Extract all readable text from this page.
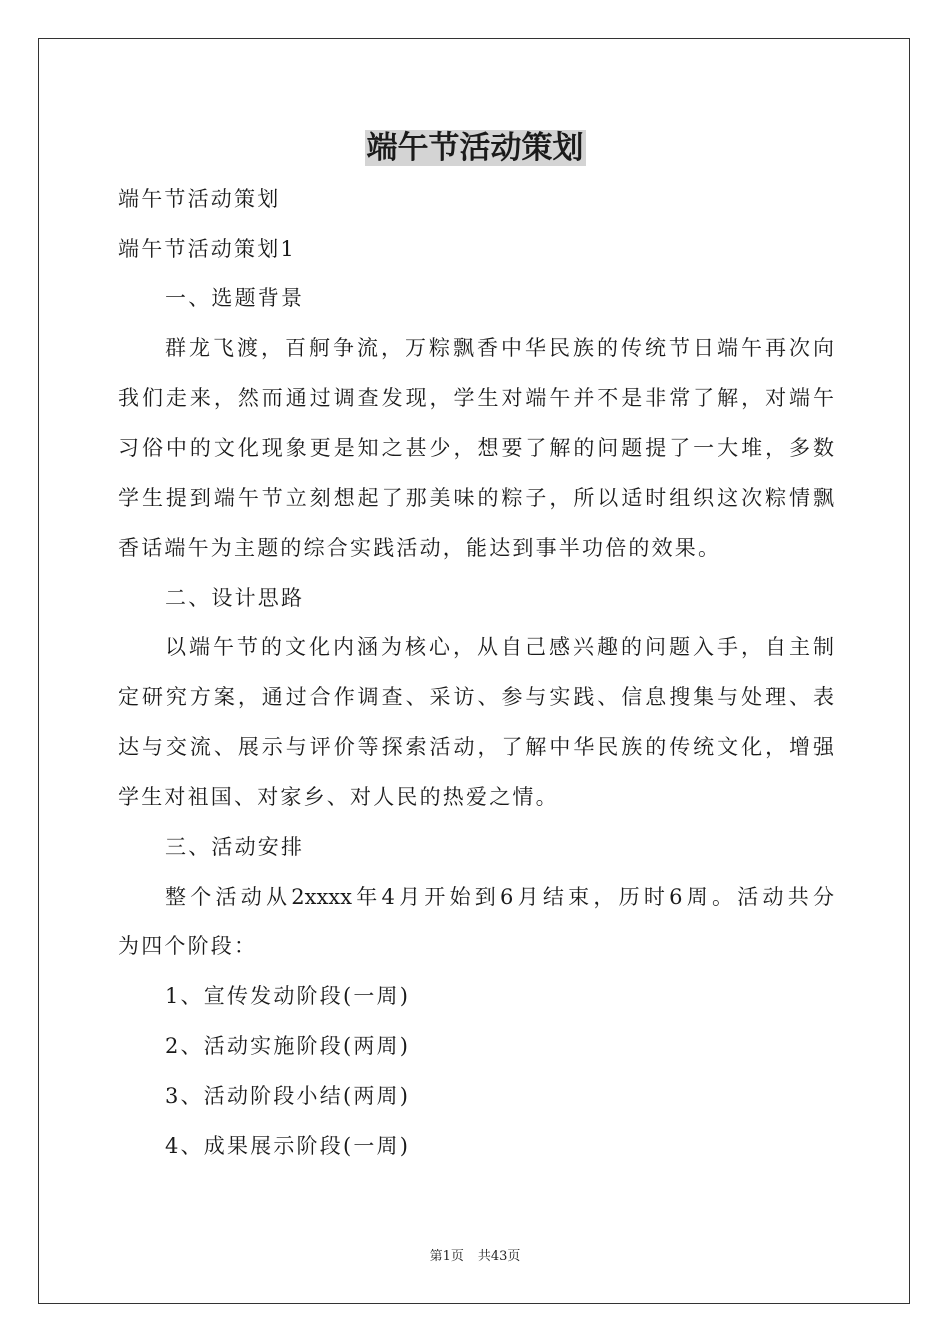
端午节活动策划
端午节活动策划
端午节活动策划1
一、选题背景
群龙飞渡，百舸争流，万粽飘香中华民族的传统节日端午再次向
我们走来，然而通过调查发现，学生对端午并不是非常了解，对端午
习俗中的文化现象更是知之甚少，想要了解的问题提了一大堆，多数
学生提到端午节立刻想起了那美味的粽子，所以适时组织这次粽情飘
香话端午为主题的综合实践活动，能达到事半功倍的效果。
二、设计思路
以端午节的文化内涵为核心，从自己感兴趣的问题入手，自主制
定研究方案，通过合作调查、采访、参与实践、信息搜集与处理、表
达与交流、展示与评价等探索活动，了解中华民族的传统文化，增强
学生对祖国、对家乡、对人民的热爱之情。
三、活动安排
整个活动从2xxxx年4月开始到6月结束，历时6周。活动共分
为四个阶段：
1、宣传发动阶段(一周)
2、活动实施阶段(两周)
3、活动阶段小结(两周)
4、成果展示阶段(一周)
第1页 共43页
